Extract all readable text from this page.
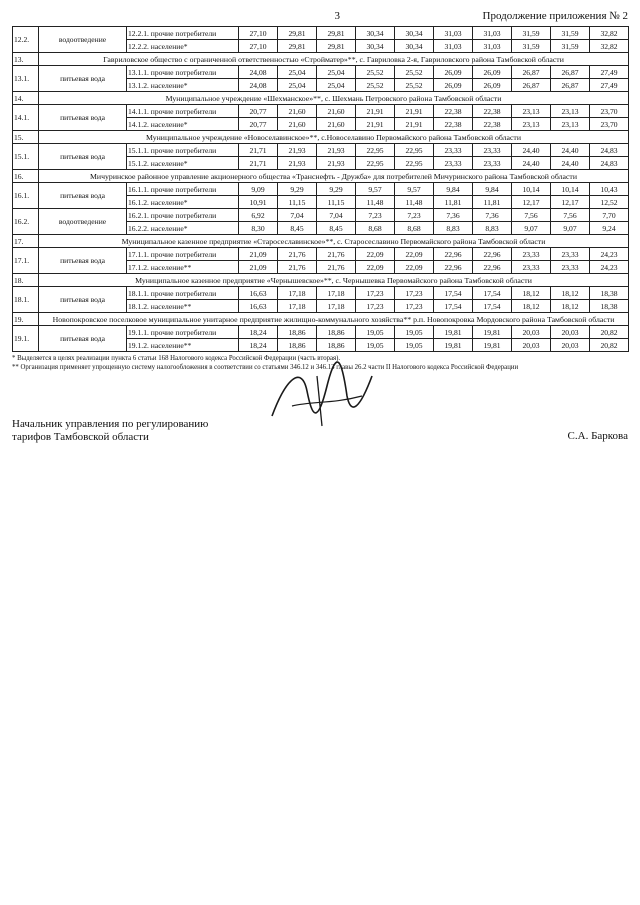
3	Продолжение приложения № 2
12.2.	водоотведение	12.2.1. прочие потребители	27,10	29,81	29,81	30,34	30,34	31,03	31,03	31,59	31,59	32,82
		12.2.2. население*	27,10	29,81	29,81	30,34	30,34	31,03	31,03	31,59	31,59	32,82
13.	Гавриловское общество с ограниченной ответственностью «Стройматер»**, с. Гавриловка 2-я, Гавриловского района Тамбовской области											
13.1.	питьевая вода	13.1.1. прочие потребители	24,08	25,04	25,04	25,52	25,52	26,09	26,09	26,87	26,87	27,49
		13.1.2. население*	24,08	25,04	25,04	25,52	25,52	26,09	26,09	26,87	26,87	27,49
14.	Муниципальное учреждение «Шехманское»**, с. Шехмань Петровского района Тамбовской области											
14.1.	питьевая вода	14.1.1. прочие потребители	20,77	21,60	21,60	21,91	21,91	22,38	22,38	23,13	23,13	23,70
		14.1.2. население*	20,77	21,60	21,60	21,91	21,91	22,38	22,38	23,13	23,13	23,70
15.	Муниципальное учреждение «Новоселавинское»**, с.Новоселавино Первомайского района Тамбовской области											
15.1.	питьевая вода	15.1.1. прочие потребители	21,71	21,93	21,93	22,95	22,95	23,33	23,33	24,40	24,40	24,83
		15.1.2. население*	21,71	21,93	21,93	22,95	22,95	23,33	23,33	24,40	24,40	24,83
16.	Мичуринское районное управление акционерного общества «Транснефть - Дружба» для потребителей Мичуринского района Тамбовской области											
16.1.	питьевая вода	16.1.1. прочие потребители	9,09	9,29	9,29	9,57	9,57	9,84	9,84	10,14	10,14	10,43
		16.1.2. население*	10,91	11,15	11,15	11,48	11,48	11,81	11,81	12,17	12,17	12,52
16.2.	водоотведение	16.2.1. прочие потребители	6,92	7,04	7,04	7,23	7,23	7,36	7,36	7,56	7,56	7,70
		16.2.2. население*	8,30	8,45	8,45	8,68	8,68	8,83	8,83	9,07	9,07	9,24
17.	Муниципальное казенное предприятие «Старосеславинское»**, с. Старосеславино Первомайского района Тамбовской области											
17.1.	питьевая вода	17.1.1. прочие потребители	21,09	21,76	21,76	22,09	22,09	22,96	22,96	23,33	23,33	24,23
		17.1.2. население**	21,09	21,76	21,76	22,09	22,09	22,96	22,96	23,33	23,33	24,23
18.	Муниципальное казенное предприятие «Чернышевское»**, с. Чернышевка Первомайского района Тамбовской области											
18.1.	питьевая вода	18.1.1. прочие потребители	16,63	17,18	17,18	17,23	17,23	17,54	17,54	18,12	18,12	18,38
		18.1.2. население**	16,63	17,18	17,18	17,23	17,23	17,54	17,54	18,12	18,12	18,38
19.	Новопокровское поселковое муниципальное унитарное предприятие жилищно-коммунального хозяйства** р.п. Новопокровка Мордовского района Тамбовской области											
19.1.	питьевая вода	19.1.1. прочие потребители	18,24	18,86	18,86	19,05	19,05	19,81	19,81	20,03	20,03	20,82
		19.1.2. население**	18,24	18,86	18,86	19,05	19,05	19,81	19,81	20,03	20,03	20,82
* Выделяется в целях реализации пункта 6 статьи 168 Налогового кодекса Российской Федерации (часть вторая).
** Организация применяет упрощенную систему налогообложения в соответствии со статьями 346.12 и 346.13 главы 26.2 части II Налогового кодекса Российской Федерации
Начальник управления по регулированию
тарифов Тамбовской области	С.А. Баркова
